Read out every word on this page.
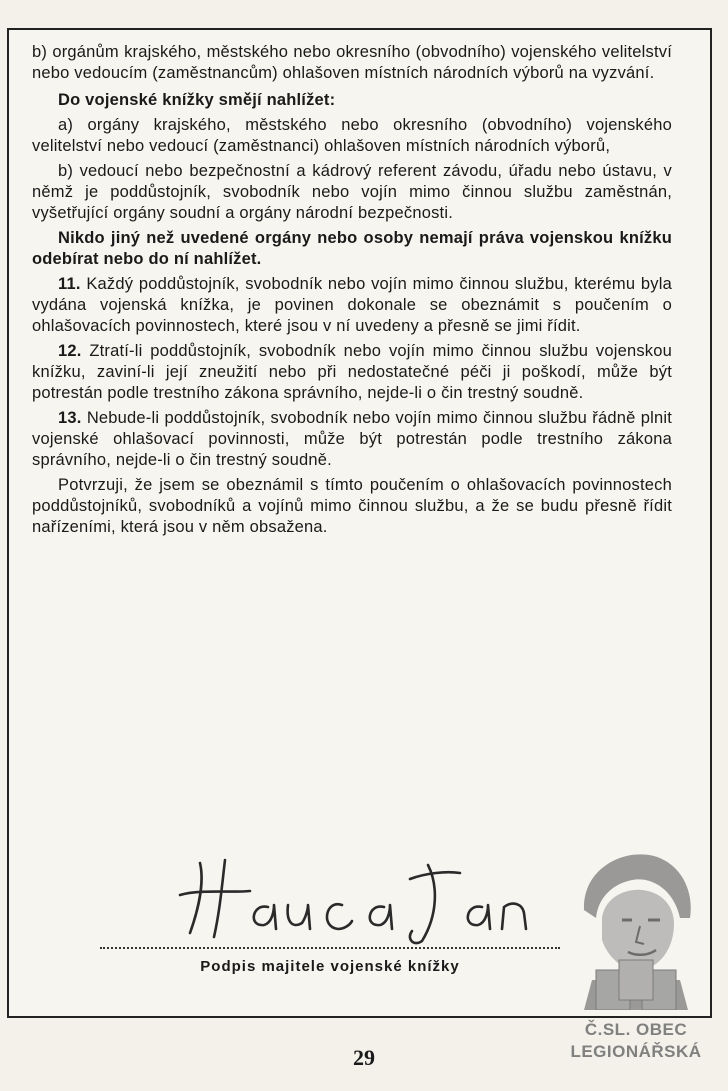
b) orgánům krajského, městského nebo okresního (obvodního) vojenského velitelství nebo vedoucím (zaměstnancům) ohlašoven místních národních výborů na vyzvání.

Do vojenské knížky smějí nahlížet:

a) orgány krajského, městského nebo okresního (obvodního) vojenského velitelství nebo vedoucí (zaměstnanci) ohlašoven místních národních výborů,

b) vedoucí nebo bezpečnostní a kádrový referent závodu, úřadu nebo ústavu, v němž je poddůstojník, svobodník nebo vojín mimo činnou službu zaměstnán, vyšetřující orgány soudní a orgány národní bezpečnosti.

Nikdo jiný než uvedené orgány nebo osoby nemají práva vojenskou knížku odebírat nebo do ní nahlížet.

11. Každý poddůstojník, svobodník nebo vojín mimo činnou službu, kterému byla vydána vojenská knížka, je povinen dokonale se obeznámit s poučením o ohlašovacích povinnostech, které jsou v ní uvedeny a přesně se jimi řídit.

12. Ztratí-li poddůstojník, svobodník nebo vojín mimo činnou službu vojenskou knížku, zaviní-li její zneužití nebo při nedostatečné péči ji poškodí, může být potrestán podle trestního zákona správního, nejde-li o čin trestný soudně.

13. Nebude-li poddůstojník, svobodník nebo vojín mimo činnou službu řádně plnit vojenské ohlašovací povinnosti, může být potrestán podle trestního zákona správního, nejde-li o čin trestný soudně.

Potvrzuji, že jsem se obeznámil s tímto poučením o ohlašovacích povinnostech poddůstojníků, svobodníků a vojínů mimo činnou službu, a že se budu přesně řídit nařízeními, která jsou v něm obsažena.

Podpis majitele vojenské knížky
29
Č.SL. OBEC
LEGIONÁŘSKÁ
